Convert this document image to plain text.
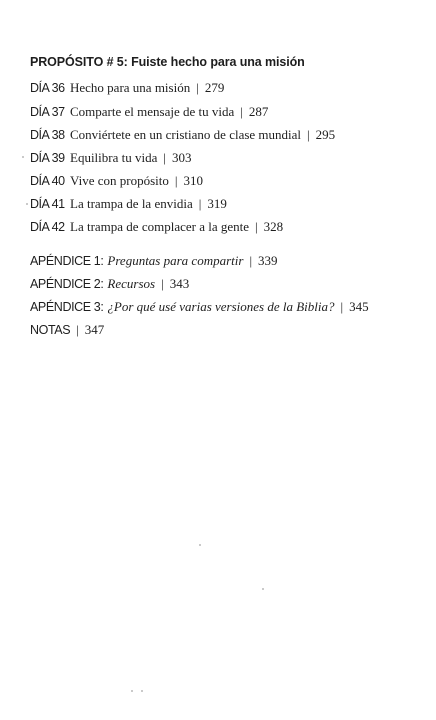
PROPÓSITO # 5: Fuiste hecho para una misión
DÍA 36 Hecho para una misión | 279
DÍA 37 Comparte el mensaje de tu vida | 287
DÍA 38 Conviértete en un cristiano de clase mundial | 295
DÍA 39 Equilibra tu vida | 303
DÍA 40 Vive con propósito | 310
DÍA 41 La trampa de la envidia | 319
DÍA 42 La trampa de complacer a la gente | 328
APÉNDICE 1: Preguntas para compartir | 339
APÉNDICE 2: Recursos | 343
APÉNDICE 3: ¿Por qué usé varias versiones de la Biblia? | 345
NOTAS | 347
